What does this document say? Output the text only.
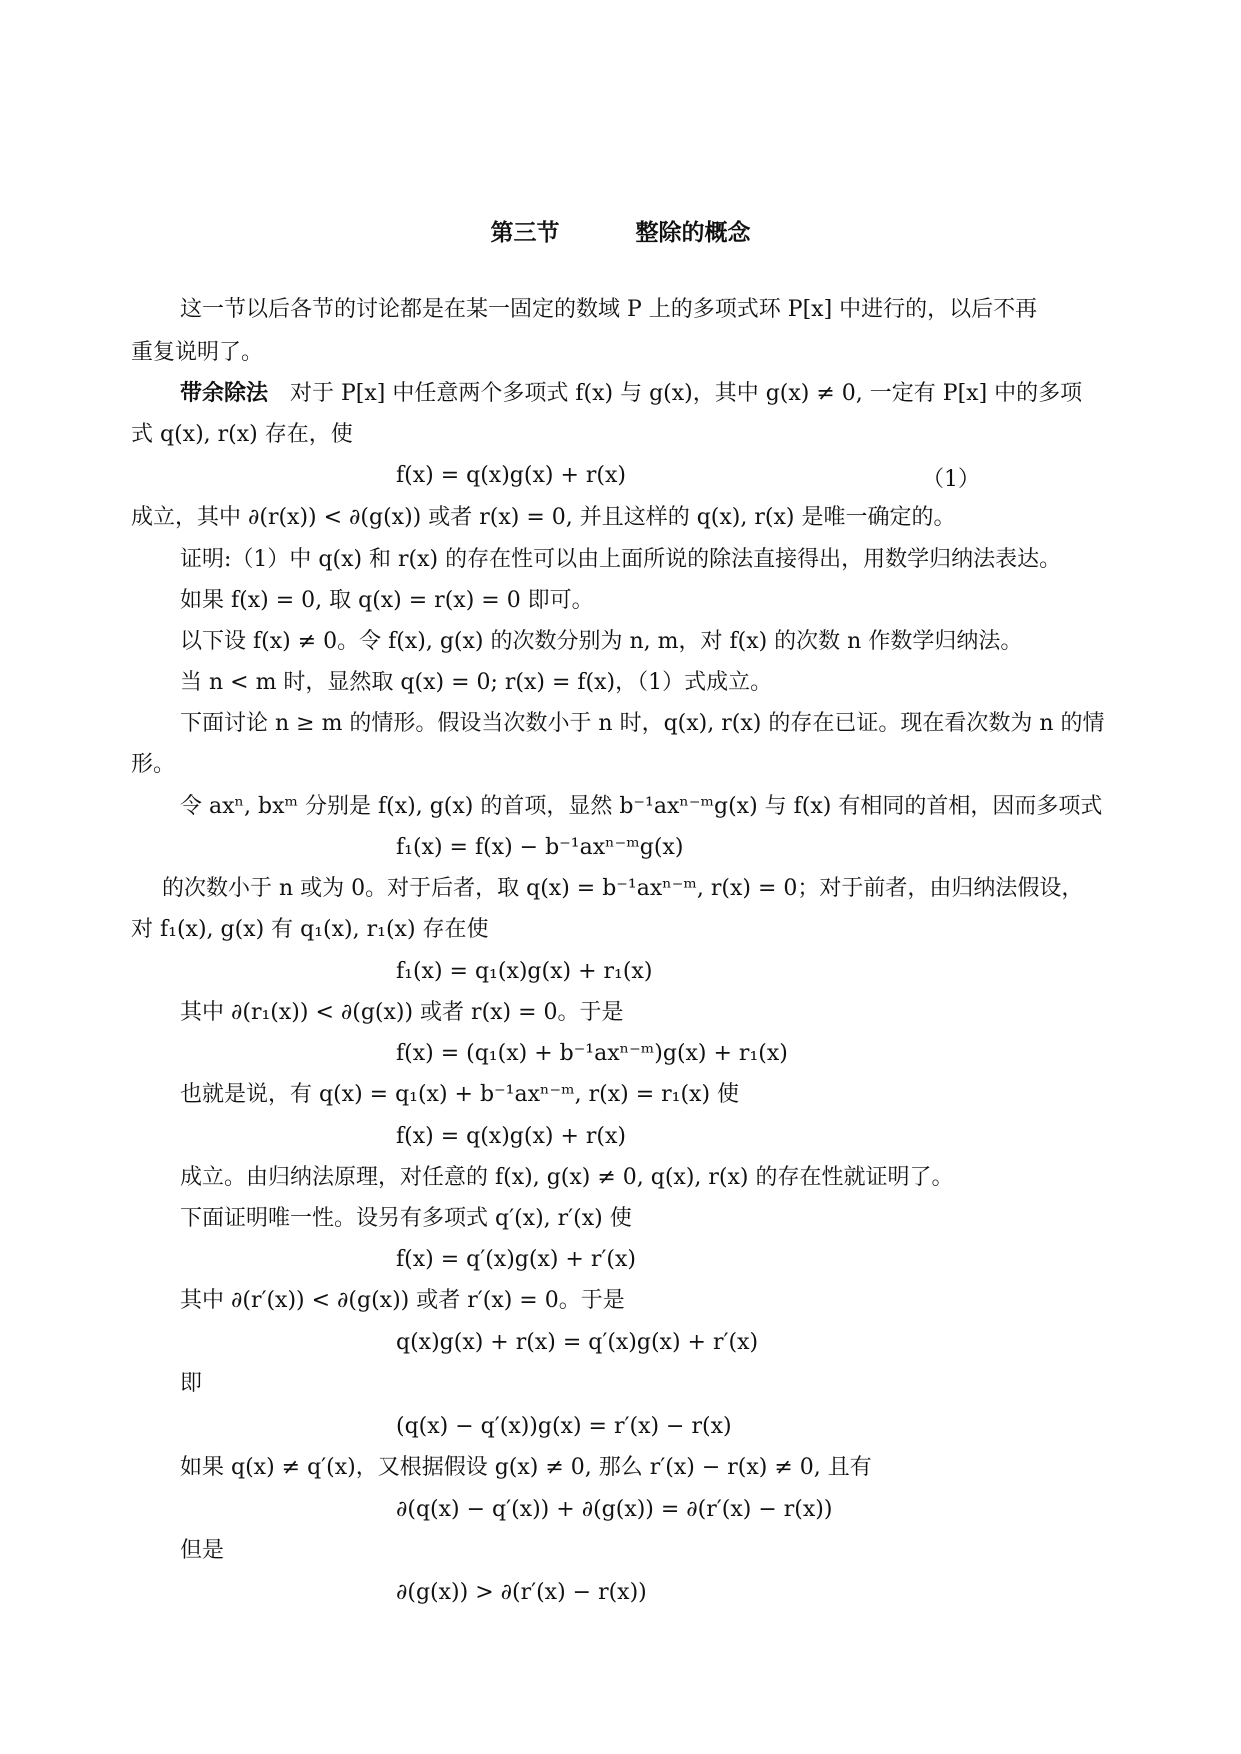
第三节	整除的概念
这一节以后各节的讨论都是在某一固定的数域 P 上的多项式环 P[x] 中进行的，以后不再
重复说明了。
带余除法  对于 P[x] 中任意两个多项式 f(x) 与 g(x)，其中 g(x) ≠ 0, 一定有 P[x] 中的多项
式 q(x), r(x) 存在，使
f(x) = q(x)g(x) + r(x)	（1）
成立，其中 ∂(r(x)) < ∂(g(x)) 或者 r(x) = 0, 并且这样的 q(x), r(x) 是唯一确定的。
证明:（1）中 q(x) 和 r(x) 的存在性可以由上面所说的除法直接得出，用数学归纳法表达。
如果 f(x) = 0, 取 q(x) = r(x) = 0 即可。
以下设 f(x) ≠ 0。令 f(x), g(x) 的次数分别为 n, m，对 f(x) 的次数 n 作数学归纳法。
当 n < m 时，显然取 q(x) = 0; r(x) = f(x)，（1）式成立。
下面讨论 n ≥ m 的情形。假设当次数小于 n 时，q(x), r(x) 的存在已证。现在看次数为 n 的情
形。
令 axⁿ, bxᵐ 分别是 f(x), g(x) 的首项，显然 b⁻¹axⁿ⁻ᵐg(x) 与 f(x) 有相同的首相，因而多项式
f₁(x) = f(x) − b⁻¹axⁿ⁻ᵐg(x)
的次数小于 n 或为 0。对于后者，取 q(x) = b⁻¹axⁿ⁻ᵐ, r(x) = 0；对于前者，由归纳法假设，
对 f₁(x), g(x) 有 q₁(x), r₁(x) 存在使
f₁(x) = q₁(x)g(x) + r₁(x)
其中 ∂(r₁(x)) < ∂(g(x)) 或者 r(x) = 0。于是
f(x) = (q₁(x) + b⁻¹axⁿ⁻ᵐ)g(x) + r₁(x)
也就是说，有 q(x) = q₁(x) + b⁻¹axⁿ⁻ᵐ, r(x) = r₁(x) 使
f(x) = q(x)g(x) + r(x)
成立。由归纳法原理，对任意的 f(x), g(x) ≠ 0, q(x), r(x) 的存在性就证明了。
下面证明唯一性。设另有多项式 q′(x), r′(x) 使
f(x) = q′(x)g(x) + r′(x)
其中 ∂(r′(x)) < ∂(g(x)) 或者 r′(x) = 0。于是
q(x)g(x) + r(x) = q′(x)g(x) + r′(x)
即
(q(x) − q′(x))g(x) = r′(x) − r(x)
如果 q(x) ≠ q′(x)，又根据假设 g(x) ≠ 0, 那么 r′(x) − r(x) ≠ 0, 且有
∂(q(x) − q′(x)) + ∂(g(x)) = ∂(r′(x) − r(x))
但是
∂(g(x)) > ∂(r′(x) − r(x))
